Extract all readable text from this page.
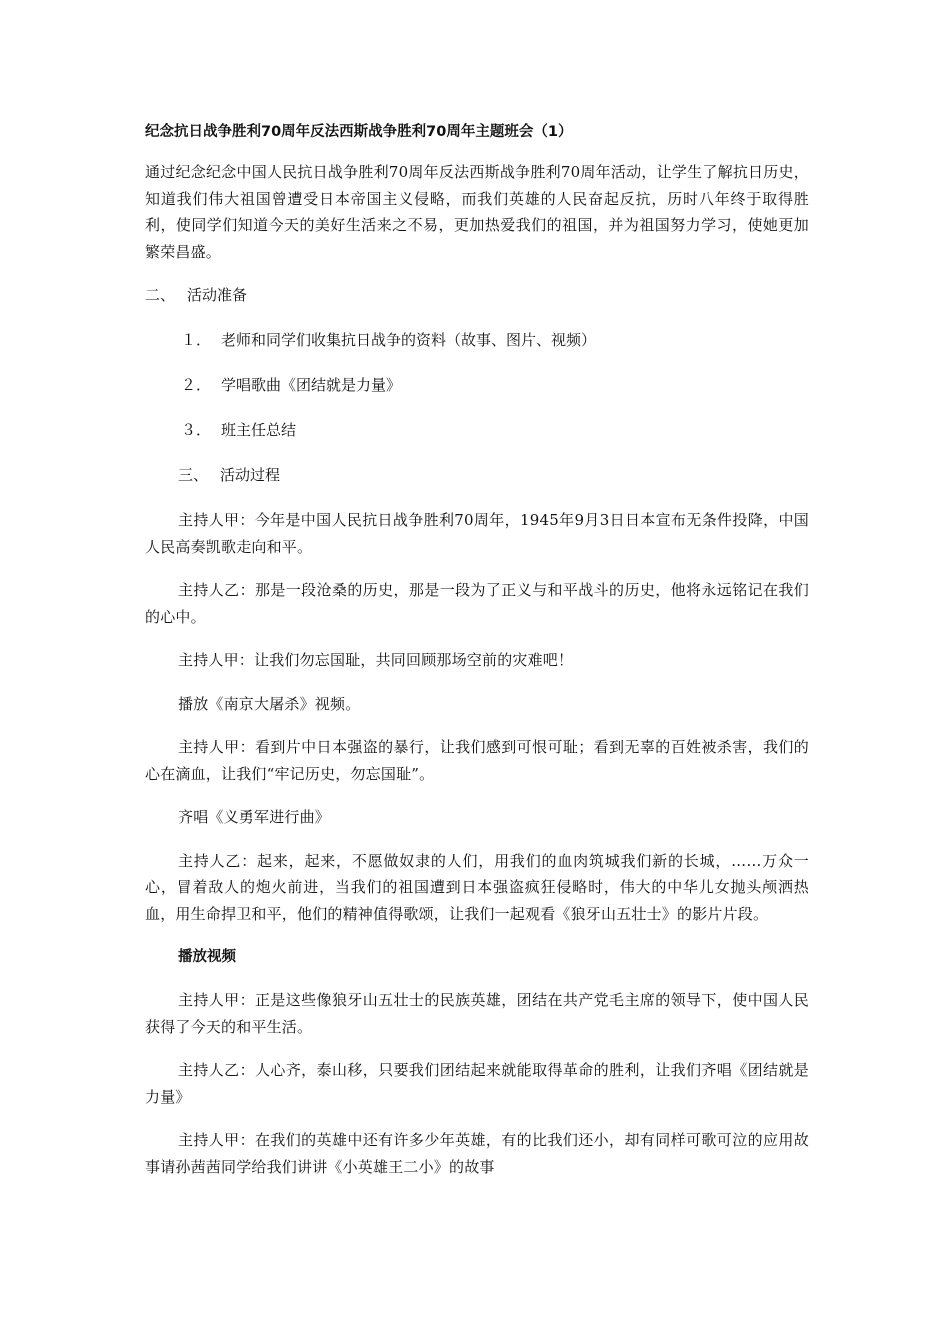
纪念抗日战争胜利70周年反法西斯战争胜利70周年主题班会（1）

通过纪念纪念中国人民抗日战争胜利70周年反法西斯战争胜利70周年活动，让学生了解抗日历史，知道我们伟大祖国曾遭受日本帝国主义侵略，而我们英雄的人民奋起反抗，历时八年终于取得胜利，使同学们知道今天的美好生活来之不易，更加热爱我们的祖国，并为祖国努力学习，使她更加繁荣昌盛。

二、 活动准备
１． 老师和同学们收集抗日战争的资料（故事、图片、视频）
２． 学唱歌曲《团结就是力量》
３． 班主任总结
三、 活动过程

主持人甲：今年是中国人民抗日战争胜利70周年，1945年9月3日日本宣布无条件投降，中国人民高奏凯歌走向和平。

主持人乙：那是一段沧桑的历史，那是一段为了正义与和平战斗的历史，他将永远铭记在我们的心中。

主持人甲：让我们勿忘国耻，共同回顾那场空前的灾难吧！

播放《南京大屠杀》视频。

主持人甲：看到片中日本强盗的暴行，让我们感到可恨可耻；看到无辜的百姓被杀害，我们的心在滴血，让我们“牢记历史，勿忘国耻”。

齐唱《义勇军进行曲》

主持人乙：起来，起来，不愿做奴隶的人们，用我们的血肉筑城我们新的长城，……万众一心，冒着敌人的炮火前进，当我们的祖国遭到日本强盗疯狂侵略时，伟大的中华儿女抛头颅洒热血，用生命捍卫和平，他们的精神值得歌颂，让我们一起观看《狼牙山五壮士》的影片片段。

播放视频

主持人甲：正是这些像狼牙山五壮士的民族英雄，团结在共产党毛主席的领导下，使中国人民获得了今天的和平生活。

主持人乙：人心齐，泰山移，只要我们团结起来就能取得革命的胜利，让我们齐唱《团结就是力量》

主持人甲：在我们的英雄中还有许多少年英雄，有的比我们还小，却有同样可歌可泣的应用故事请孙茜茜同学给我们讲讲《小英雄王二小》的故事
